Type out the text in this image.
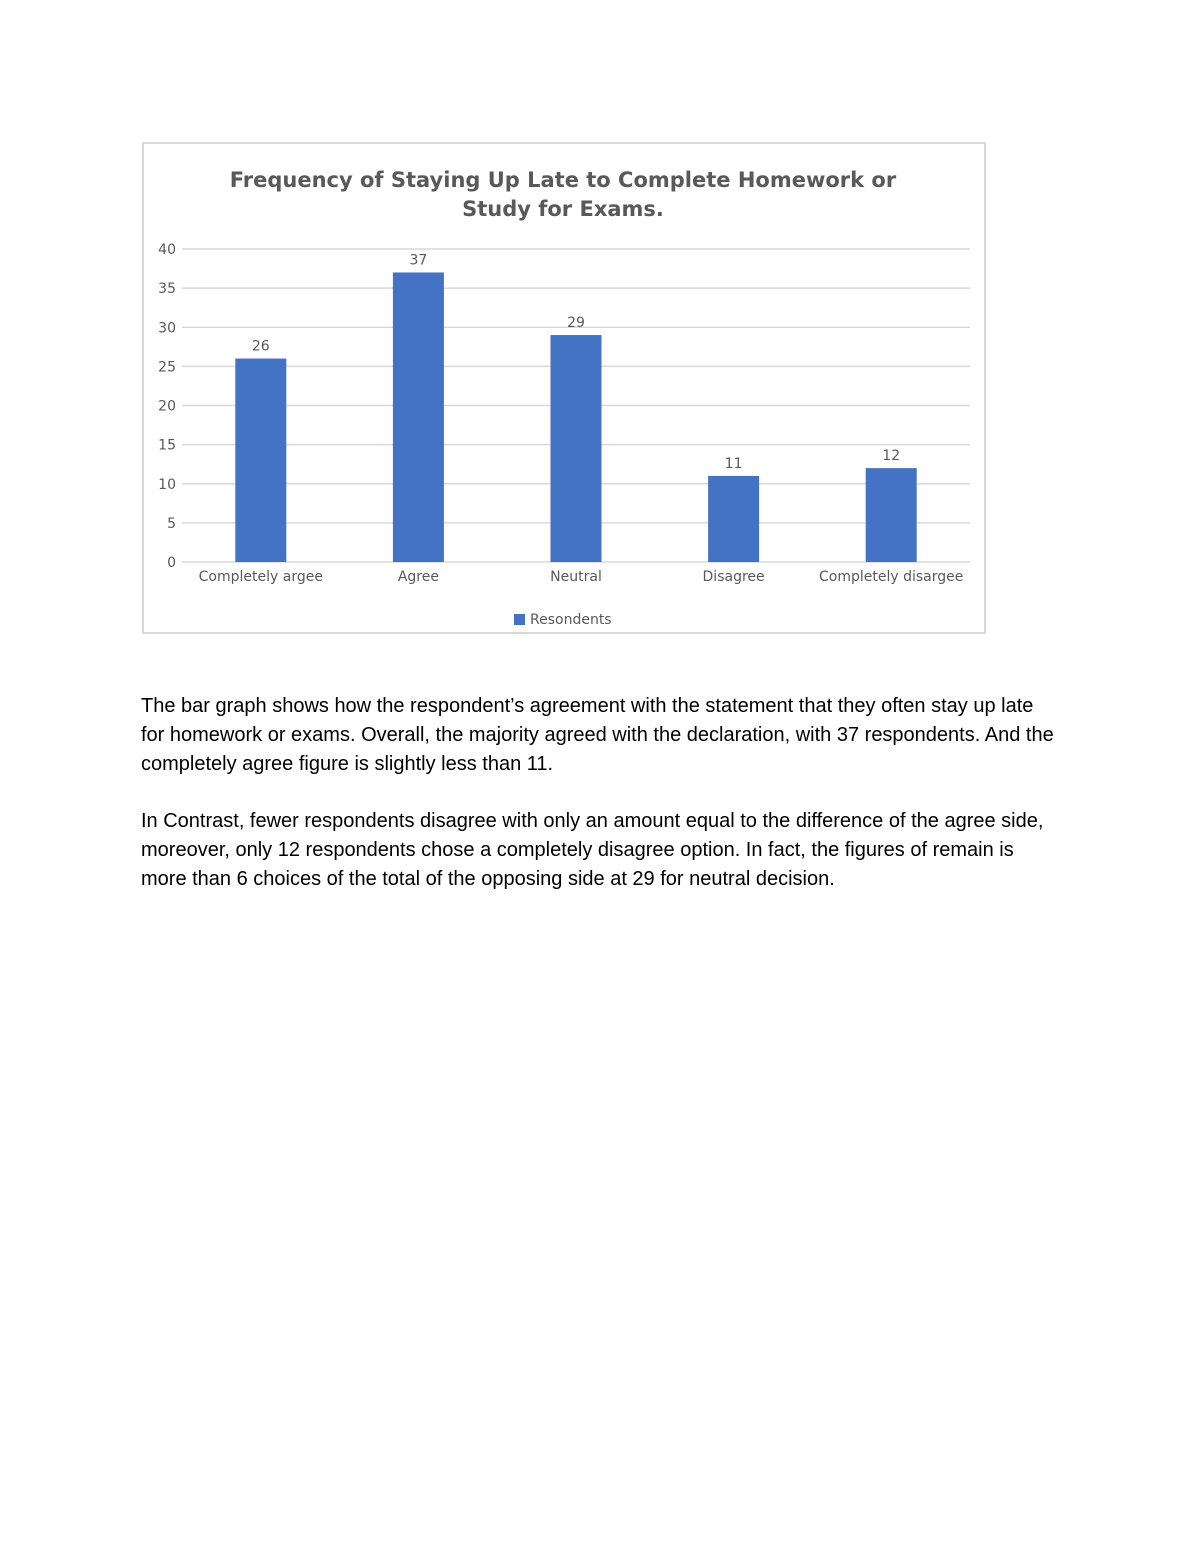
Frequency of Staying Up Late to Complete Homework or
Study for Exams.
0
5
10
15
20
25
30
35
40
26
37
29
11	12
Completely argee	Agree	Neutral	Disagree	Completely disargee
Resondents

The bar graph shows how the respondent’s agreement with the statement that they often stay up late for homework or exams. Overall, the majority agreed with the declaration, with 37 respondents. And the completely agree figure is slightly less than 11.

In Contrast, fewer respondents disagree with only an amount equal to the difference of the agree side, moreover, only 12 respondents chose a completely disagree option. In fact, the figures of remain is more than 6 choices of the total of the opposing side at 29 for neutral decision.
